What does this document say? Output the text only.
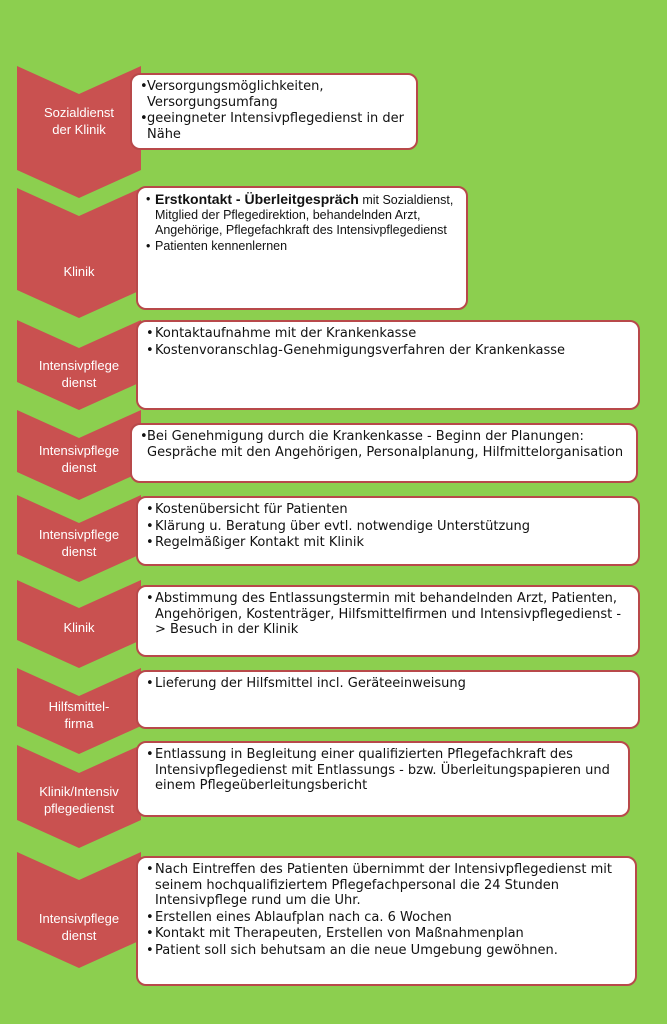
Sozialdienst
der Klinik
• Versorgungsmöglichkeiten, Versorgungsumfang
• geeingneter Intensivpflegedienst in der Nähe
Klinik
• Erstkontakt - Überleitgespräch mit Sozialdienst, Mitglied der Pflegedirektion, behandelnden Arzt, Angehörige, Pflegefachkraft des Intensivpflegedienst
• Patienten kennenlernen
Intensivpflege
dienst
• Kontaktaufnahme mit der Krankenkasse
• Kostenvoranschlag-Genehmigungsverfahren der Krankenkasse
Intensivpflege
dienst
• Bei Genehmigung durch die Krankenkasse - Beginn der Planungen: Gespräche mit den Angehörigen, Personalplanung, Hilfmittelorganisation
Intensivpflege
dienst
• Kostenübersicht für Patienten
• Klärung u. Beratung über evtl. notwendige Unterstützung
• Regelmäßiger Kontakt mit Klinik
Klinik
• Abstimmung des Entlassungstermin mit behandelnden Arzt, Patienten, Angehörigen, Kostenträger, Hilfsmittelfirmen und Intensivpflegedienst -> Besuch in der Klinik
Hilfsmittel-
firma
• Lieferung der Hilfsmittel incl. Geräteeinweisung
Klinik/Intensiv
pflegedienst
• Entlassung in Begleitung einer qualifizierten Pflegefachkraft des Intensivpflegedienst mit Entlassungs - bzw. Überleitungspapieren und einem Pflegeüberleitungsbericht
Intensivpflege
dienst
• Nach Eintreffen des Patienten übernimmt der Intensivpflegedienst mit seinem hochqualifiziertem Pflegefachpersonal die 24 Stunden Intensivpflege rund um die Uhr.
• Erstellen eines Ablaufplan nach ca. 6 Wochen
• Kontakt mit Therapeuten, Erstellen von Maßnahmenplan
• Patient soll sich behutsam an die neue Umgebung gewöhnen.
